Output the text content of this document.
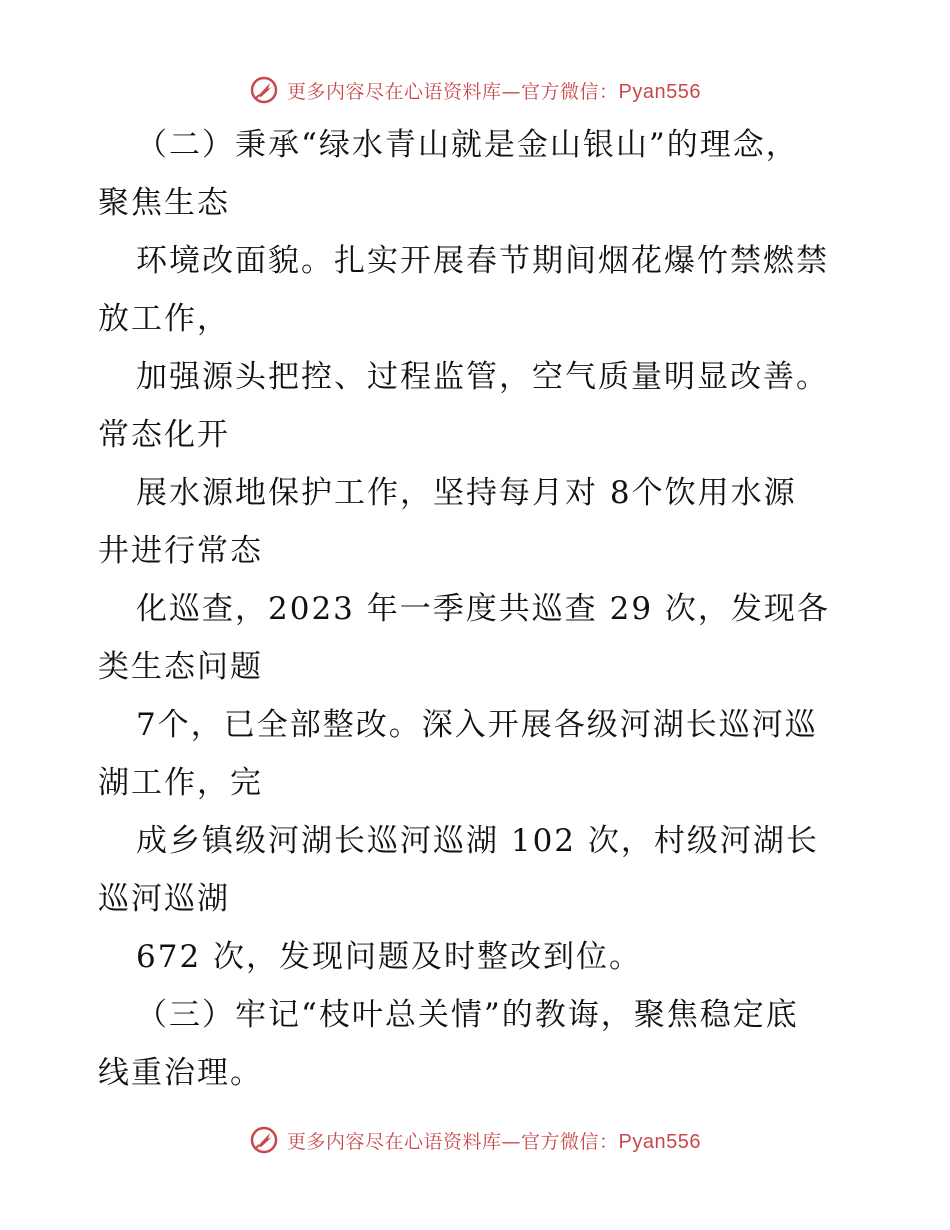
更多内容尽在心语资料库—官方微信：Pyan556
（二）秉承“绿水青山就是金山银山”的理念，
聚焦生态
环境改面貌。扎实开展春节期间烟花爆竹禁燃禁
放工作，
加强源头把控、过程监管，空气质量明显改善。
常态化开
展水源地保护工作，坚持每月对 8个饮用水源
井进行常态
化巡查，2023 年一季度共巡查 29 次，发现各
类生态问题
7个，已全部整改。深入开展各级河湖长巡河巡
湖工作，完
成乡镇级河湖长巡河巡湖 102 次，村级河湖长
巡河巡湖
672 次，发现问题及时整改到位。
（三）牢记“枝叶总关情”的教诲，聚焦稳定底
线重治理。
更多内容尽在心语资料库—官方微信：Pyan556
